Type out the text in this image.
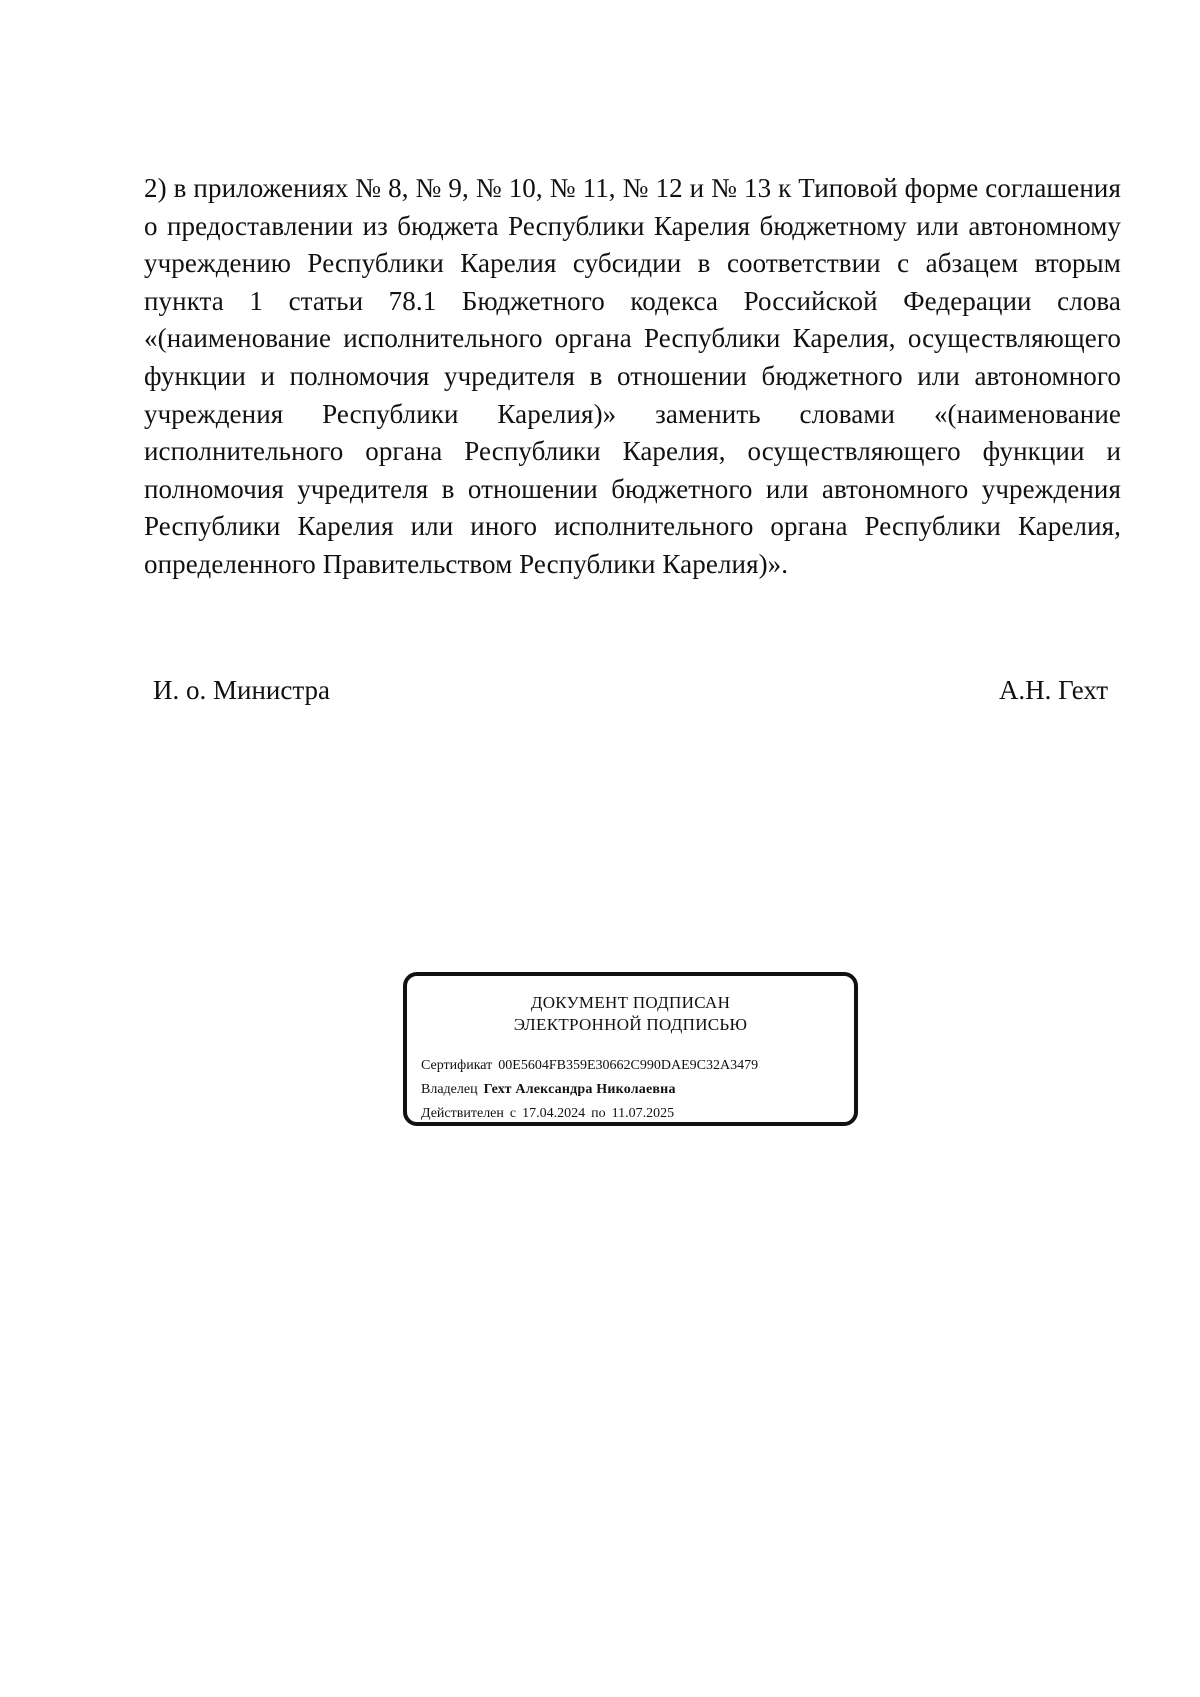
2) в приложениях № 8, № 9, № 10, № 11, № 12 и № 13 к Типовой форме соглашения о предоставлении из бюджета Республики Карелия бюджетному или автономному учреждению Республики Карелия субсидии в соответствии с абзацем вторым пункта 1 статьи 78.1 Бюджетного кодекса Российской Федерации слова «(наименование исполнительного органа Республики Карелия, осуществляющего функции и полномочия учредителя в отношении бюджетного или автономного учреждения Республики Карелия)» заменить словами «(наименование исполнительного органа Республики Карелия, осуществляющего функции и полномочия учредителя в отношении бюджетного или автономного учреждения Республики Карелия или иного исполнительного органа Республики Карелия, определенного Правительством Республики Карелия)».

И. о. Министра	А.Н. Гехт
ДОКУМЕНТ ПОДПИСАН
ЭЛЕКТРОННОЙ ПОДПИСЬЮ
Сертификат 00E5604FB359E30662C990DAE9C32A3479
Владелец Гехт Александра Николаевна
Действителен с 17.04.2024 по 11.07.2025
